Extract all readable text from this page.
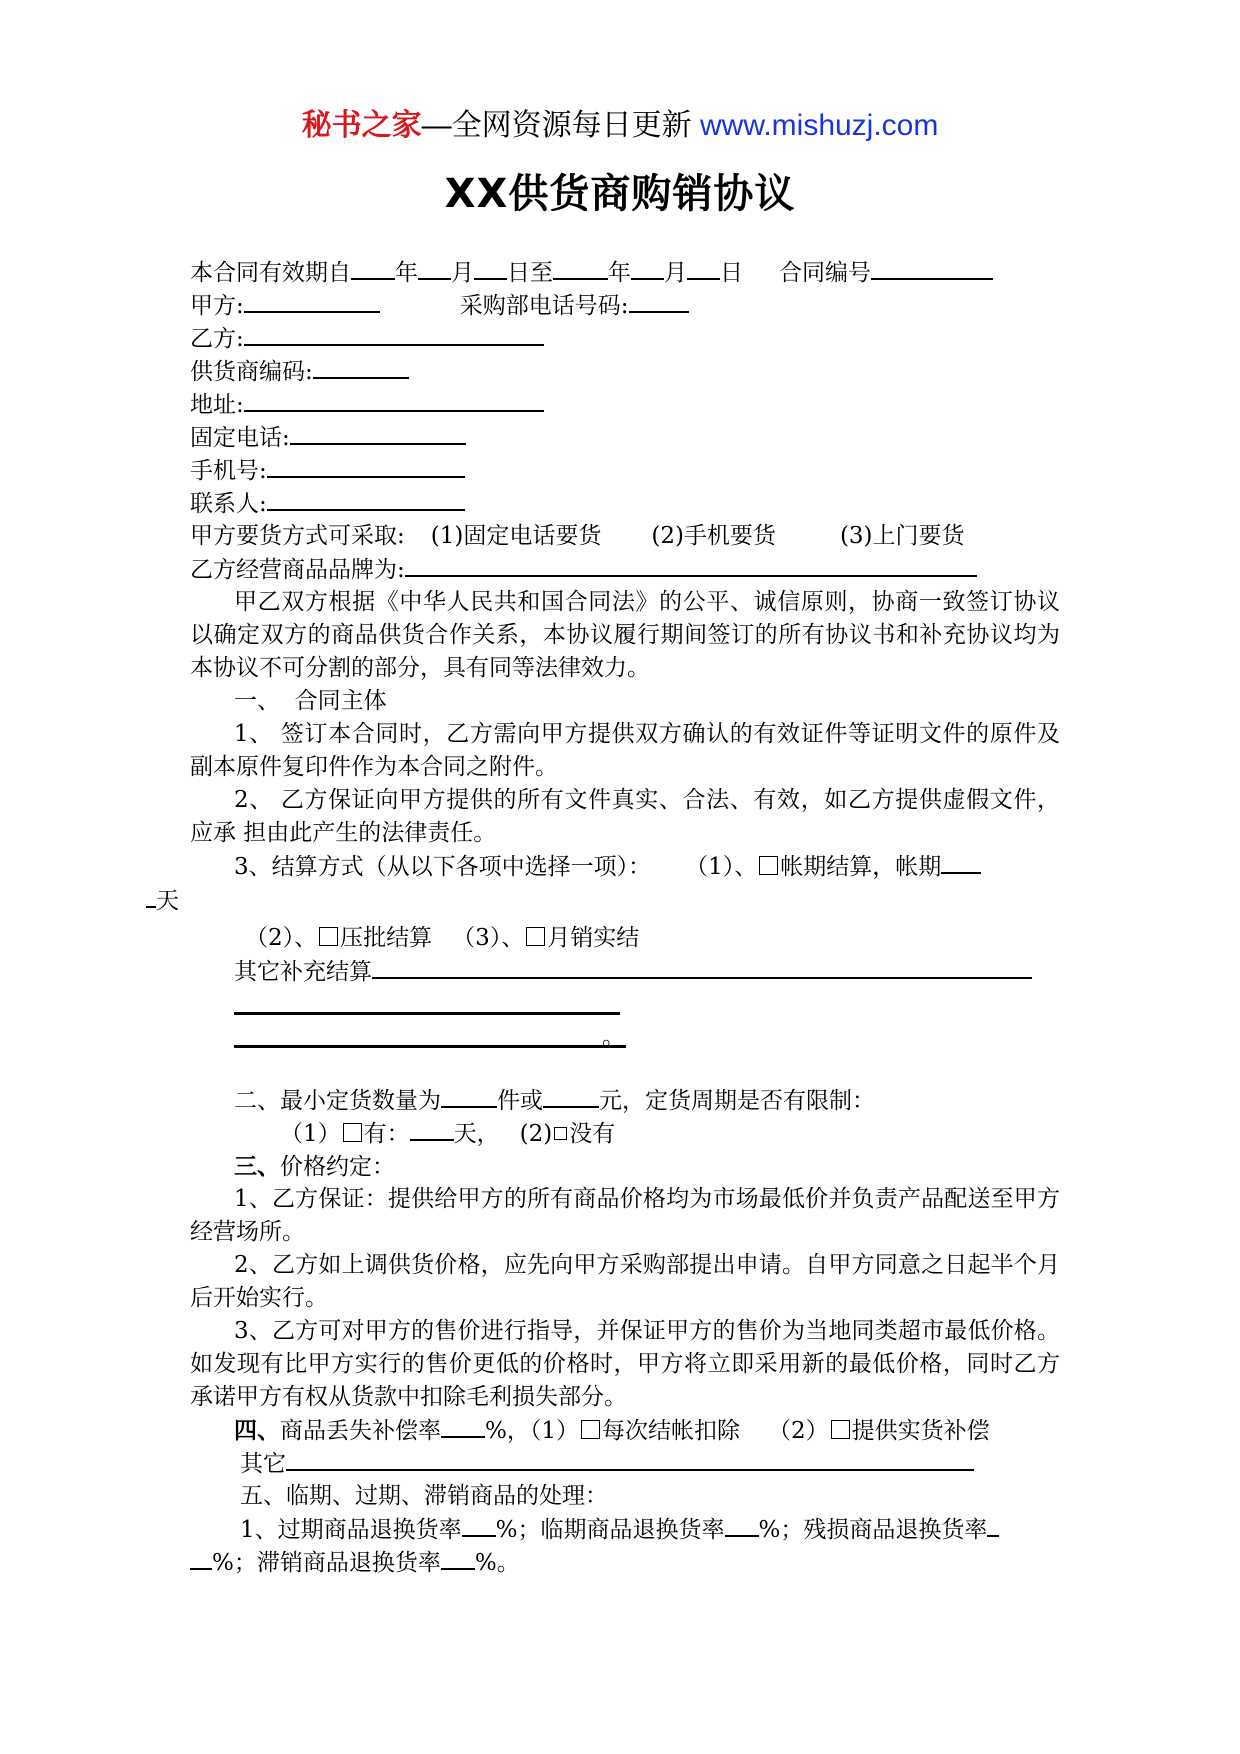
秘书之家—全网资源每日更新 www.mishuzj.com
XX供货商购销协议
本合同有效期自 年 月 日至 年 月 日 合同编号
甲方:	采购部电话号码:
乙方:
供货商编码:
地址:
固定电话:
手机号:
联系人:
甲方要货方式可采取: (1)固定电话要货 (2)手机要货	(3)上门要货
乙方经营商品品牌为:
甲乙双方根据《中华人民共和国合同法》的公平、诚信原则，协商一致签订协议以确定双方的商品供货合作关系，本协议履行期间签订的所有协议书和补充协议均为本协议不可分割的部分，具有同等法律效力。
一、  合同主体
1、 签订本合同时，乙方需向甲方提供双方确认的有效证件等证明文件的原件及副本原件复印件作为本合同之附件。
2、 乙方保证向甲方提供的所有文件真实、合法、有效，如乙方提供虚假文件，应承 担由此产生的法律责任。
3、结算方式（从以下各项中选择一项）： （1）、 帐期结算，帐期
天
（2）、 压批结算 （3）、 月销实结
其它补充结算
。
二、最小定货数量为 件或 元，定货周期是否有限制：
（1） 有： 天， (2) 没有
三、价格约定：
1、乙方保证：提供给甲方的所有商品价格均为市场最低价并负责产品配送至甲方经营场所。
2、乙方如上调供货价格，应先向甲方采购部提出申请。自甲方同意之日起半个月后开始实行。
3、乙方可对甲方的售价进行指导，并保证甲方的售价为当地同类超市最低价格。如发现有比甲方实行的售价更低的价格时，甲方将立即采用新的最低价格，同时乙方承诺甲方有权从货款中扣除毛利损失部分。
四、商品丢失补偿率 %，（1） 每次结帐扣除 （2） 提供实货补偿
其它
五、临期、过期、滞销商品的处理：
1、过期商品退换货率 %；临期商品退换货率 %；残损商品退换货率
%；滞销商品退换货率 %。
